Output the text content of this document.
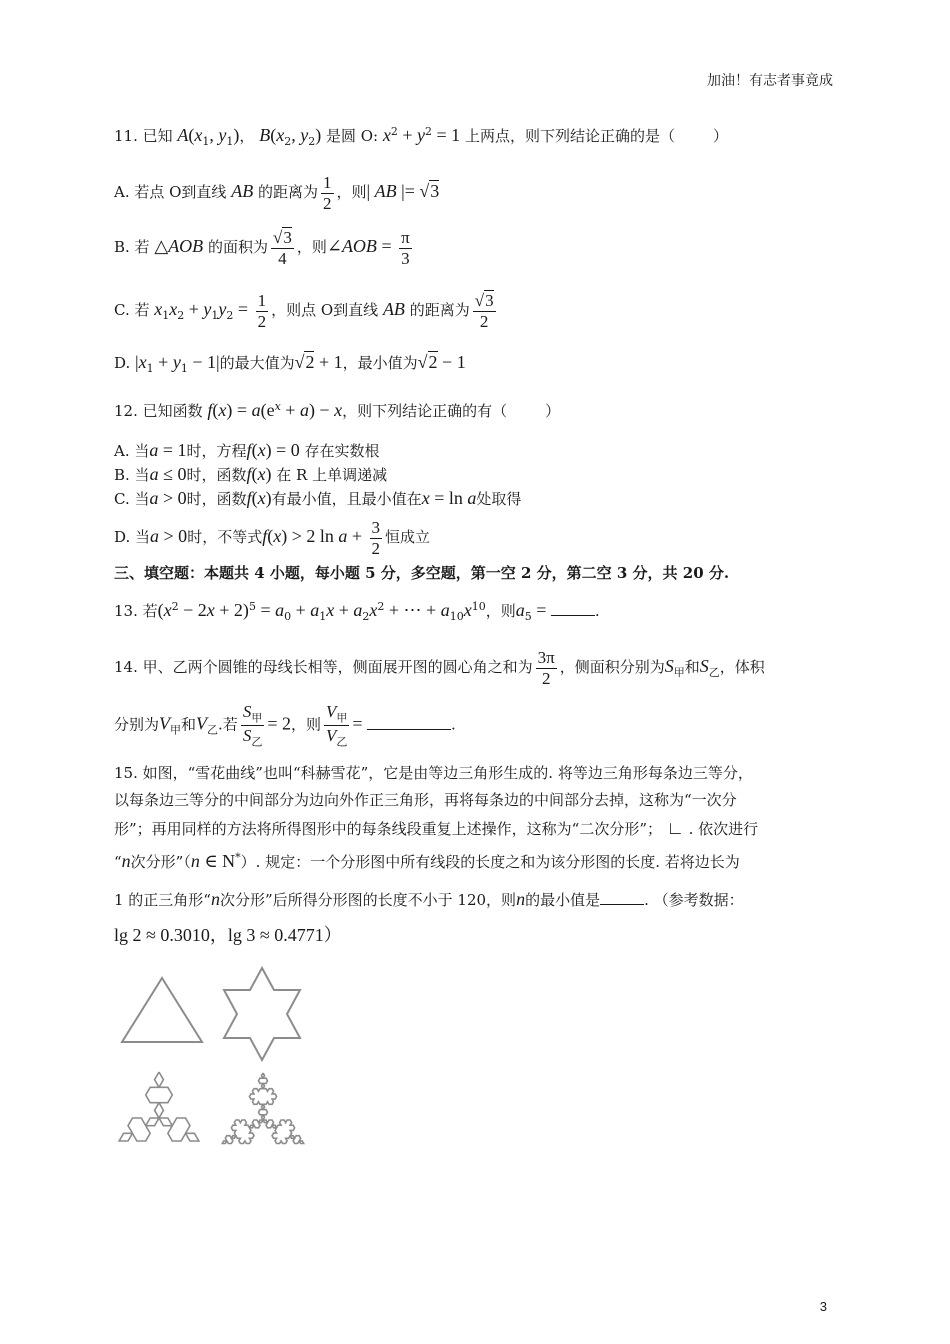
加油！有志者事竟成
11. 已知 $A(x_1$, $y_1$)， $B(x_2$, $y_2$) 是圆 O: $x^2 + y^2 = 1$ 上两点，则下列结论正确的是（	）
A. 若点 O到直线 AB 的距离为 $\frac{1}{2}$ ，则| AB |= √3
B. 若 △AOB 的面积为 $\frac{√3}{4}$ ，则∠AOB = $\frac{\pi}{3}$
C. 若 $x_1x_2 + y_1y_2 = \frac{1}{2}$ ，则点 O到直线 AB 的距离为 $\frac{√3}{2}$
D. $|x_1 + y_1 - 1|$的最大值为√2 + 1，最小值为√2 − 1
12. 已知函数 $f(x) = a(e^x + a) - x$，则下列结论正确的有（	）
A. 当a = 1时，方程f(x) = 0 存在实数根
B. 当a ≤ 0时，函数f(x) 在 R 上单调递减
C. 当a > 0时，函数f(x)有最小值，且最小值在x = ln a处取得
D. 当a > 0时，不等式f(x) > 2 $\ln a + \frac{3}{2}$ 恒成立
三、填空题：本题共 4 小题，每小题 5 分，多空题，第一空 2 分，第二空 3 分，共 20 分.
13. 若$(x^2 - 2x + 2)^5 = a_0 + a_1x + a_2x^2$ + ⋯ + $a_{10}x^{10}$，则$a_5$ =	.
14. 甲、乙两个圆锥的母线长相等，侧面展开图的圆心角之和为 $\frac{3\pi}{2}$ ，侧面积分别为$S_甲$和$S_乙$，体积
分别为$V_甲$和$V_乙$.若 $\frac{S_甲}{S_乙} = 2$，则 $\frac{V_甲}{V_乙}$ =	.
15. 如图，“雪花曲线”也叫“科赫雪花”，它是由等边三角形生成的. 将等边三角形每条边三等分，
以每条边三等分的中间部分为边向外作正三角形，再将每条边的中间部分去掉，这称为“一次分
形”；再用同样的方法将所得图形中的每条线段重复上述操作，这称为“二次分形”； ∟ . 依次进行
“n次分形”（n ∈ N*）. 规定：一个分形图中所有线段的长度之和为该分形图的长度. 若将边长为
1 的正三角形“n次分形”后所得分形图的长度不小于 120，则n的最小值是	. （参考数据：
lg 2 ≈ 0.3010，lg 3 ≈ 0.4771）
3
